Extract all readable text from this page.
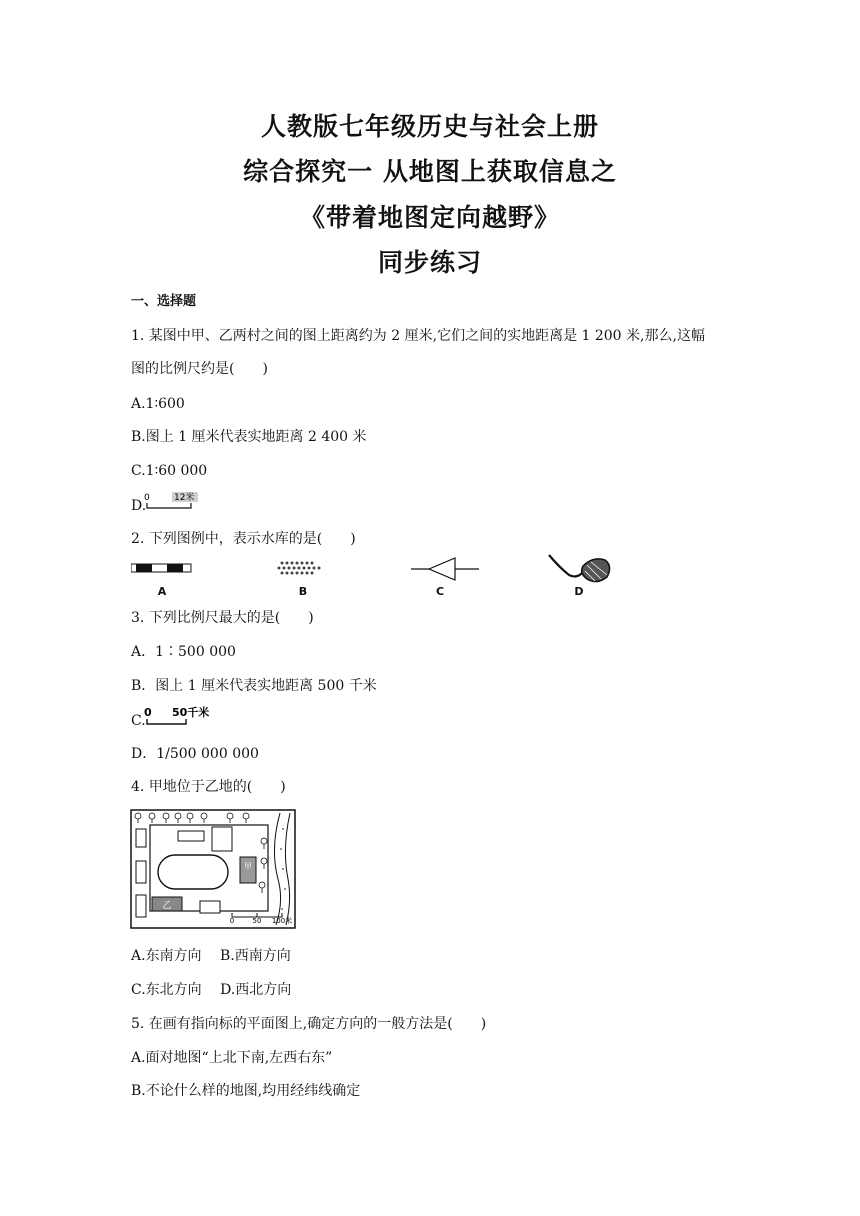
人教版七年级历史与社会上册
综合探究一 从地图上获取信息之
《带着地图定向越野》
同步练习
一、选择题
1. 某图中甲、乙两村之间的图上距离约为 2 厘米,它们之间的实地距离是 1 200 米,那么,这幅
图的比例尺约是(　　)
A.1∶600
B.图上 1 厘米代表实地距离 2 400 米
C.1∶60 000
D.
0	12米
2. 下列图例中，表示水库的是(　　)
A	B	C	D
3. 下列比例尺最大的是(　　)
A．1∶500 000
B．图上 1 厘米代表实地距离 500 千米
C.
0 50千米
D．1/500 000 000
4. 甲地位于乙地的(　　)
甲
乙
0	50 100米
A.东南方向　 B.西南方向
C.东北方向　 D.西北方向
5. 在画有指向标的平面图上,确定方向的一般方法是(　　)
A.面对地图“上北下南,左西右东”
B.不论什么样的地图,均用经纬线确定
